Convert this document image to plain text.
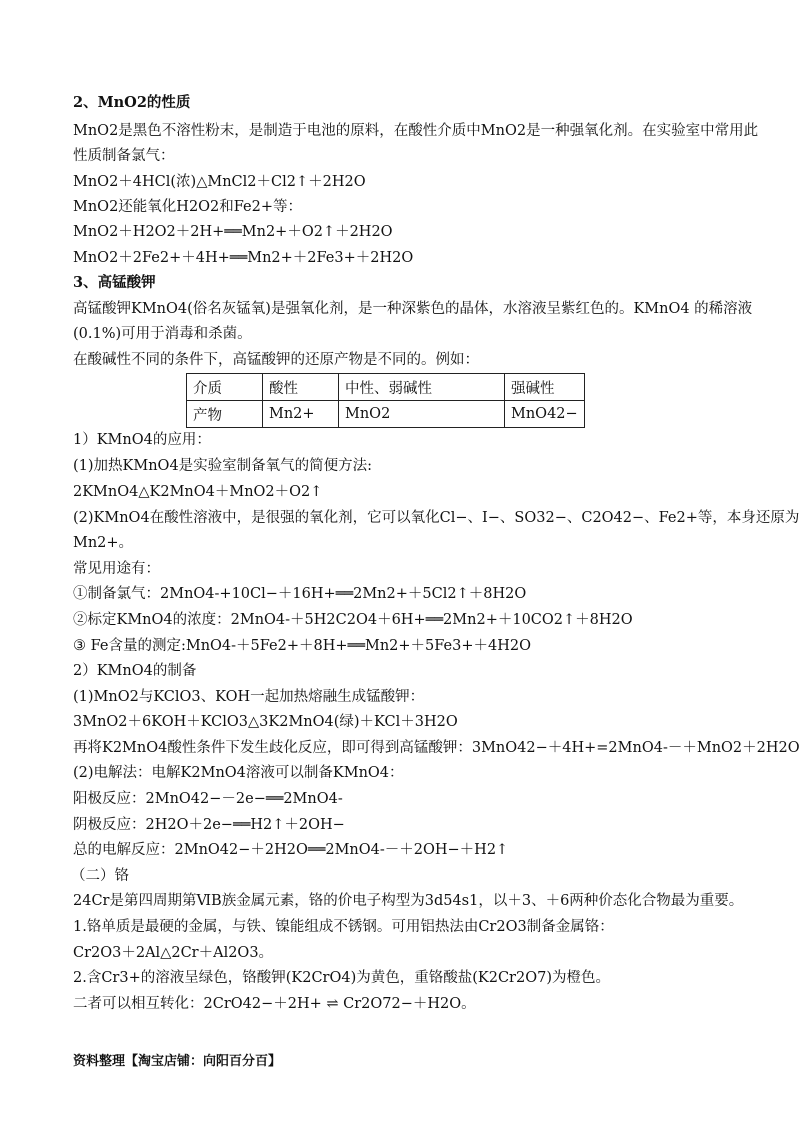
2、MnO2的性质
MnO2是黑色不溶性粉末，是制造于电池的原料，在酸性介质中MnO2是一种强氧化剂。在实验室中常用此
性质制备氯气：
MnO2＋4HCl(浓)△MnCl2＋Cl2↑＋2H2O
MnO2还能氧化H2O2和Fe2+等：
MnO2＋H2O2＋2H+══Mn2+＋O2↑＋2H2O
MnO2＋2Fe2+＋4H+══Mn2+＋2Fe3+＋2H2O
3、高锰酸钾
高锰酸钾KMnO4(俗名灰锰氧)是强氧化剂，是一种深紫色的晶体，水溶液呈紫红色的。KMnO4 的稀溶液
(0.1%)可用于消毒和杀菌。
在酸碱性不同的条件下，高锰酸钾的还原产物是不同的。例如：
介质	酸性	中性、弱碱性	强碱性
产物	Mn2+	MnO2	MnO42−
1）KMnO4的应用：
(1)加热KMnO4是实验室制备氧气的简便方法:
2KMnO4△K2MnO4＋MnO2＋O2↑
(2)KMnO4在酸性溶液中，是很强的氧化剂，它可以氧化Cl−、I−、SO32−、C2O42−、Fe2+等，本身还原为
Mn2+。
常见用途有：
①制备氯气：2MnO4-+10Cl−＋16H+══2Mn2+＋5Cl2↑＋8H2O
②标定KMnO4的浓度：2MnO4-＋5H2C2O4＋6H+══2Mn2+＋10CO2↑＋8H2O
③ Fe含量的测定:MnO4-＋5Fe2+＋8H+══Mn2+＋5Fe3+＋4H2O
2）KMnO4的制备
(1)MnO2与KClO3、KOH一起加热熔融生成锰酸钾：
3MnO2＋6KOH＋KClO3△3K2MnO4(绿)＋KCl＋3H2O
再将K2MnO4酸性条件下发生歧化反应，即可得到高锰酸钾：3MnO42−＋4H+=2MnO4-－＋MnO2＋2H2O
(2)电解法：电解K2MnO4溶液可以制备KMnO4：
阳极反应：2MnO42−－2e−══2MnO4-
阴极反应：2H2O＋2e−══H2↑＋2OH−
总的电解反应：2MnO42−＋2H2O══2MnO4-－＋2OH−＋H2↑
（二）铬
24Cr是第四周期第ⅥB族金属元素，铬的价电子构型为3d54s1，以＋3、＋6两种价态化合物最为重要。
1.铬单质是最硬的金属，与铁、镍能组成不锈钢。可用铝热法由Cr2O3制备金属铬：
Cr2O3＋2Al△2Cr＋Al2O3。
2.含Cr3+的溶液呈绿色，铬酸钾(K2CrO4)为黄色，重铬酸盐(K2Cr2O7)为橙色。
二者可以相互转化：2CrO42−＋2H+ ⇌ Cr2O72−＋H2O。
资料整理【淘宝店铺：向阳百分百】
